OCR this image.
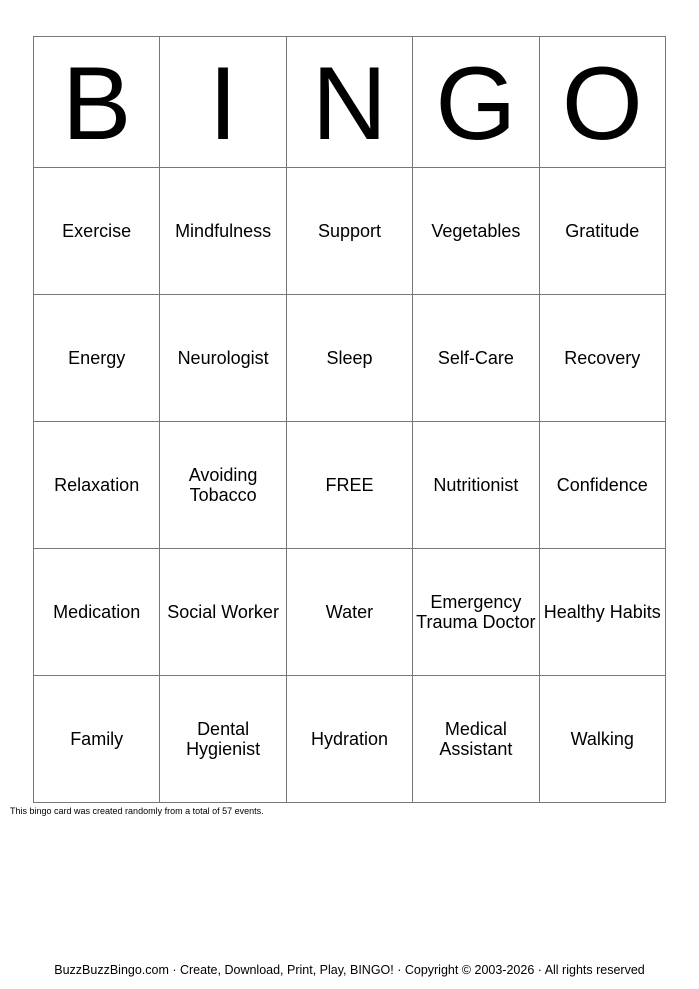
B	I	N	G	O
Exercise	Mindfulness	Support	Vegetables	Gratitude
Energy	Neurologist	Sleep	Self-Care	Recovery
Relaxation	Avoiding Tobacco	FREE	Nutritionist	Confidence
Medication	Social Worker	Water	Emergency Trauma Doctor	Healthy Habits
Family	Dental Hygienist	Hydration	Medical Assistant	Walking
This bingo card was created randomly from a total of 57 events.
BuzzBuzzBingo.com · Create, Download, Print, Play, BINGO! · Copyright © 2003-2026 · All rights reserved
